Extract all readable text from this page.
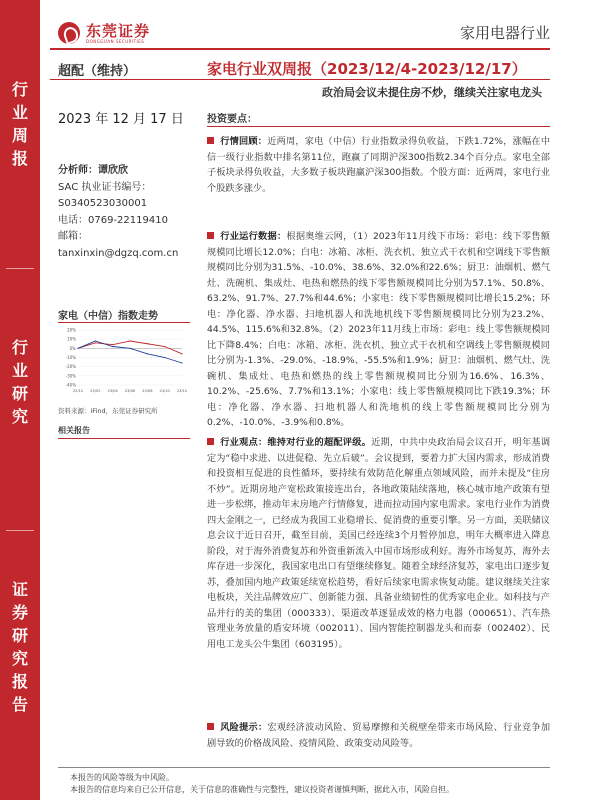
行
业
周
报
行
业
研
究
证
券
研
究
报
告
东莞证券
DONGGUAN SECURITIES	家用电器行业
超配（维持）	家电行业双周报（2023/12/4-2023/12/17）
政治局会议未提住房不炒，继续关注家电龙头
2023 年 12 月 17 日
分析师：谭欣欣
SAC 执业证书编号：
S0340523030001
电话：0769-22119410
邮箱：
tanxinxin@dgzq.com.cn
家电（中信）指数走势
20%
10%
0%
-10%
-20%
-30%
-40%
22/12 23/02 23/04 23/06 23/08 23/10 23/12
资料来源：iFind，东莞证券研究所
相关报告
投资要点：

行情回顾：近两周，家电（中信）行业指数录得负收益，下跌1.72%，涨幅在中信一级行业指数中排名第11位，跑赢了同期沪深300指数2.34个百分点。家电全部子板块录得负收益，大多数子板块跑赢沪深300指数。个股方面：近两周，家电行业个股跌多涨少。

行业运行数据：根据奥维云网，（1）2023年11月线下市场：彩电：线下零售额规模同比增长12.0%；白电：冰箱、冰柜、洗衣机、独立式干衣机和空调线下零售额规模同比分别为31.5%、-10.0%、38.6%、32.0%和22.6%；厨卫：油烟机、燃气灶、洗碗机、集成灶、电热和燃热的线下零售额规模同比分别为57.1%、50.8%、63.2%、91.7%、27.7%和44.6%；小家电：线下零售额规模同比增长15.2%；环电：净化器、净水器、扫地机器人和洗地机线下零售额规模同比分别为23.2%、44.5%、115.6%和32.8%。（2）2023年11月线上市场：彩电：线上零售额规模同比下降8.4%；白电：冰箱、冰柜、洗衣机、独立式干衣机和空调线上零售额规模同比分别为-1.3%、-29.0%、-18.9%、-55.5%和1.9%；厨卫：油烟机、燃气灶、洗碗机、集成灶、电热和燃热的线上零售额规模同比分别为16.6%、16.3%、10.2%、-25.6%、7.7%和13.1%；小家电：线上零售额规模同比下跌19.3%；环电：净化器、净水器、扫地机器人和洗地机的线上零售额规模同比分别为0.2%、-10.0%、-3.9%和0.8%。

行业观点：维持对行业的超配评级。近期，中共中央政治局会议召开，明年基调定为“稳中求进、以进促稳、先立后破”。会议提到，要着力扩大国内需求，形成消费和投资相互促进的良性循环，要持续有效防范化解重点领域风险，而并未提及“住房不炒”。近期房地产宽松政策接连出台，各地政策陆续落地，核心城市地产政策有望进一步松绑，推动年末房地产行情修复，进而拉动国内家电需求。家电行业作为消费四大金刚之一，已经成为我国工业稳增长、促消费的重要引擎。另一方面，美联储议息会议于近日召开，截至目前，美国已经连续3个月暂停加息，明年大概率进入降息阶段，对于海外消费复苏和外资重新流入中国市场形成利好。海外市场复苏，海外去库存进一步深化，我国家电出口有望继续修复。随着全球经济复苏，家电出口逐步复苏，叠加国内地产政策延续宽松趋势，看好后续家电需求恢复动能。建议继续关注家电板块，关注品牌效应广、创新能力强、具备业绩韧性的优秀家电企业。如科技与产品并行的美的集团（000333）、渠道改革逐显成效的格力电器（000651）、汽车热管理业务放量的盾安环境（002011）、国内智能控制器龙头和而泰（002402）、民用电工龙头公牛集团（603195）。

风险提示：宏观经济波动风险、贸易摩擦和关税壁垒带来市场风险、行业竞争加剧导致的价格战风险、疫情风险、政策变动风险等。

本报告的风险等级为中风险。
本报告的信息均来自已公开信息，关于信息的准确性与完整性，建议投资者谨慎判断，据此入市，风险自担。
